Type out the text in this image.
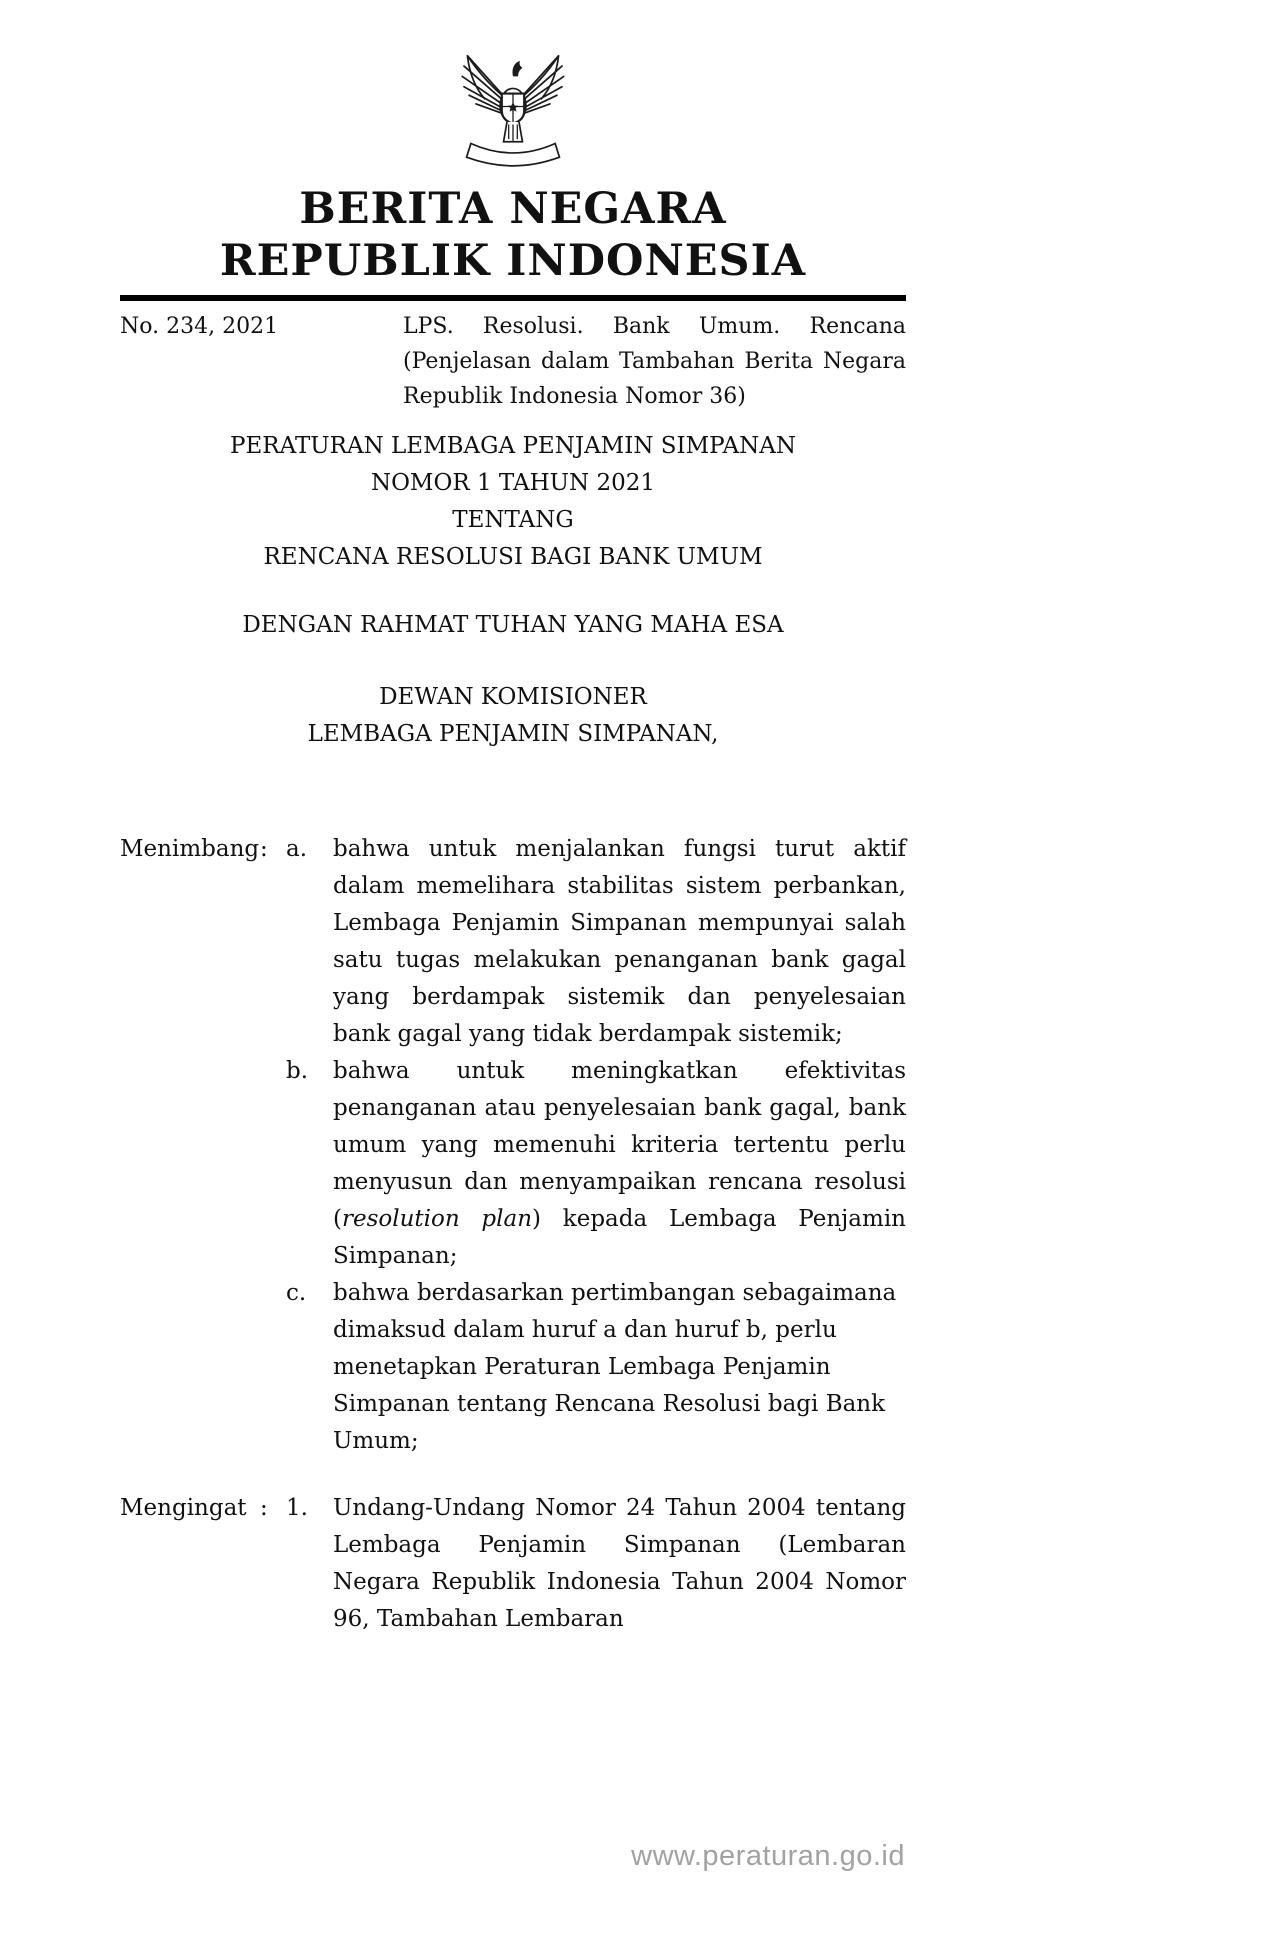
BERITA NEGARA
REPUBLIK INDONESIA
No. 234, 2021	LPS. Resolusi. Bank Umum. Rencana (Penjelasan dalam Tambahan Berita Negara Republik Indonesia Nomor 36)
PERATURAN LEMBAGA PENJAMIN SIMPANAN
NOMOR 1 TAHUN 2021
TENTANG
RENCANA RESOLUSI BAGI BANK UMUM
DENGAN RAHMAT TUHAN YANG MAHA ESA
DEWAN KOMISIONER
LEMBAGA PENJAMIN SIMPANAN,
Menimbang : a.	bahwa untuk menjalankan fungsi turut aktif dalam memelihara stabilitas sistem perbankan, Lembaga Penjamin Simpanan mempunyai salah satu tugas melakukan penanganan bank gagal yang berdampak sistemik dan penyelesaian bank gagal yang tidak berdampak sistemik;
b.	bahwa untuk meningkatkan efektivitas penanganan atau penyelesaian bank gagal, bank umum yang memenuhi kriteria tertentu perlu menyusun dan menyampaikan rencana resolusi (resolution plan) kepada Lembaga Penjamin Simpanan;
c.	bahwa berdasarkan pertimbangan sebagaimana dimaksud dalam huruf a dan huruf b, perlu menetapkan Peraturan Lembaga Penjamin Simpanan tentang Rencana Resolusi bagi Bank Umum;
Mengingat : 1.	Undang-Undang Nomor 24 Tahun 2004 tentang Lembaga Penjamin Simpanan (Lembaran Negara Republik Indonesia Tahun 2004 Nomor 96, Tambahan Lembaran
www.peraturan.go.id
